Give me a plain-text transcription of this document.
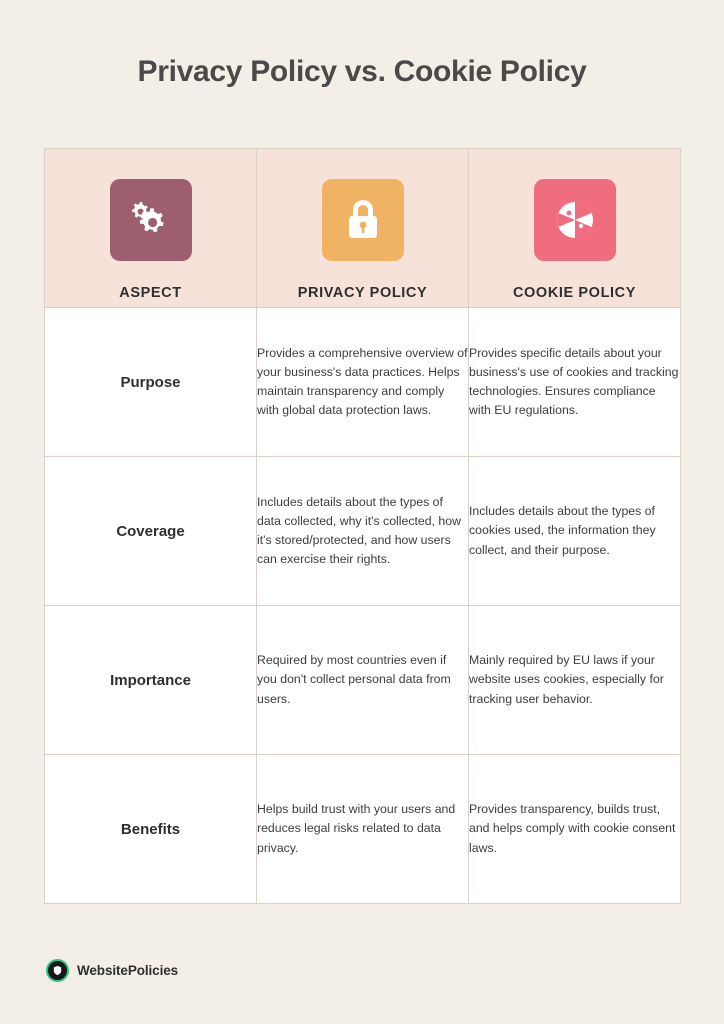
Privacy Policy vs. Cookie Policy
ASPECT	PRIVACY POLICY	COOKIE POLICY

Purpose	Provides a comprehensive overview of your business's data practices. Helps maintain transparency and comply with global data protection laws.	Provides specific details about your business's use of cookies and tracking technologies. Ensures compliance with EU regulations.
Coverage	Includes details about the types of data collected, why it's collected, how it's stored/protected, and how users can exercise their rights.	Includes details about the types of cookies used, the information they collect, and their purpose.
Importance	Required by most countries even if you don't collect personal data from users.	Mainly required by EU laws if your website uses cookies, especially for tracking user behavior.
Benefits	Helps build trust with your users and reduces legal risks related to data privacy.	Provides transparency, builds trust, and helps comply with cookie consent laws.
WebsitePolicies
